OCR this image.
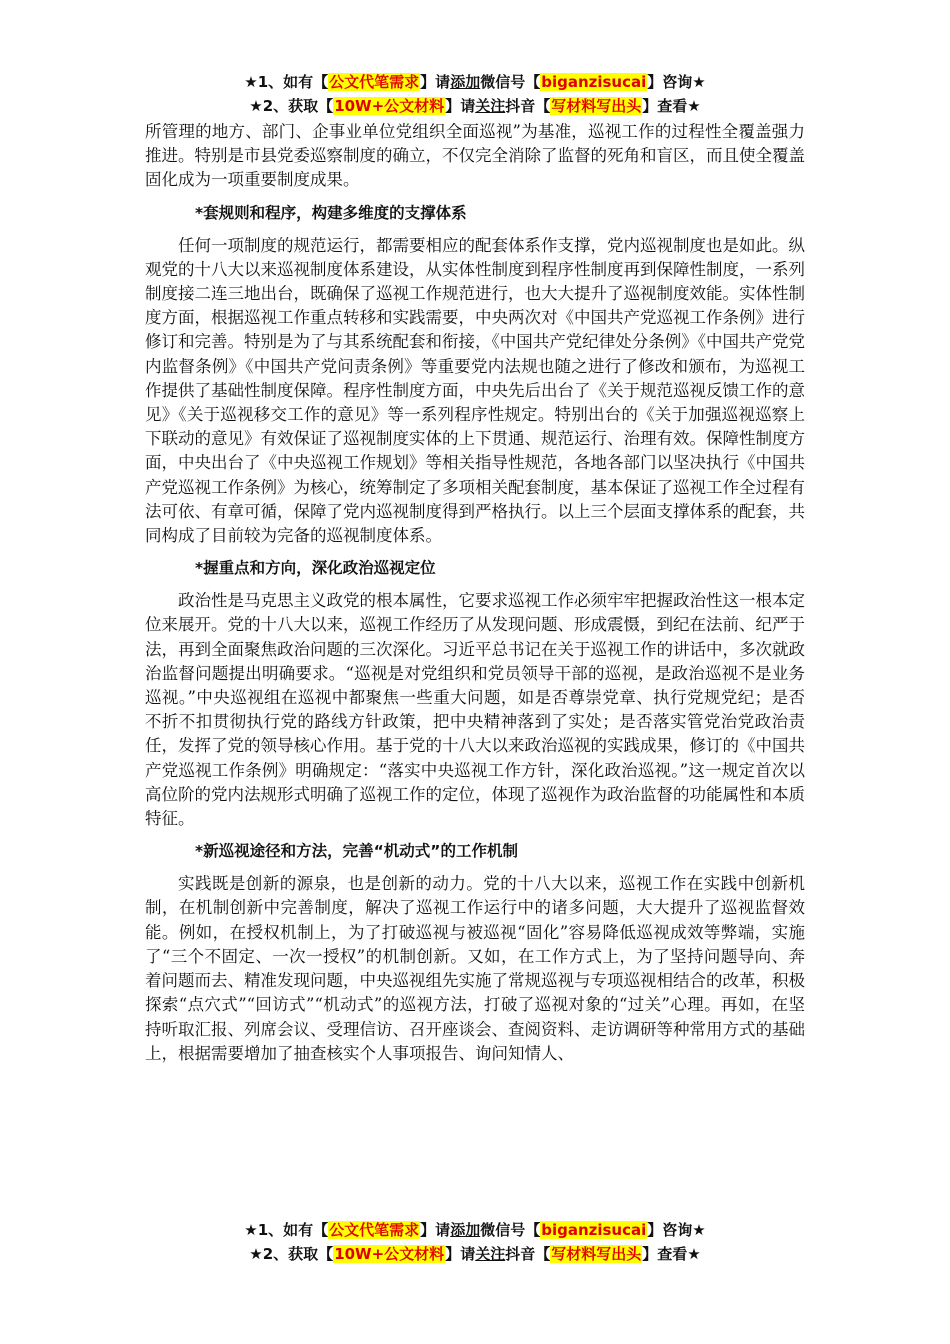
★1、如有【公文代笔需求】请添加微信号【biganzisucai】咨询★
★2、获取【10W+公文材料】请关注抖音【写材料写出头】查看★

所管理的地方、部门、企事业单位党组织全面巡视”为基准，巡视工作的过程性全覆盖强力推进。特别是市县党委巡察制度的确立，不仅完全消除了监督的死角和盲区，而且使全覆盖固化成为一项重要制度成果。

*套规则和程序，构建多维度的支撑体系

任何一项制度的规范运行，都需要相应的配套体系作支撑，党内巡视制度也是如此。纵观党的十八大以来巡视制度体系建设，从实体性制度到程序性制度再到保障性制度，一系列制度接二连三地出台，既确保了巡视工作规范进行，也大大提升了巡视制度效能。实体性制度方面，根据巡视工作重点转移和实践需要，中央两次对《中国共产党巡视工作条例》进行修订和完善。特别是为了与其系统配套和衔接，《中国共产党纪律处分条例》《中国共产党党内监督条例》《中国共产党问责条例》等重要党内法规也随之进行了修改和颁布，为巡视工作提供了基础性制度保障。程序性制度方面，中央先后出台了《关于规范巡视反馈工作的意见》《关于巡视移交工作的意见》等一系列程序性规定。特别出台的《关于加强巡视巡察上下联动的意见》有效保证了巡视制度实体的上下贯通、规范运行、治理有效。保障性制度方面，中央出台了《中央巡视工作规划》等相关指导性规范，各地各部门以坚决执行《中国共产党巡视工作条例》为核心，统筹制定了多项相关配套制度，基本保证了巡视工作全过程有法可依、有章可循，保障了党内巡视制度得到严格执行。以上三个层面支撑体系的配套，共同构成了目前较为完备的巡视制度体系。

*握重点和方向，深化政治巡视定位

政治性是马克思主义政党的根本属性，它要求巡视工作必须牢牢把握政治性这一根本定位来展开。党的十八大以来，巡视工作经历了从发现问题、形成震慑，到纪在法前、纪严于法，再到全面聚焦政治问题的三次深化。习近平总书记在关于巡视工作的讲话中，多次就政治监督问题提出明确要求。“巡视是对党组织和党员领导干部的巡视，是政治巡视不是业务巡视。”中央巡视组在巡视中都聚焦一些重大问题，如是否尊崇党章、执行党规党纪；是否不折不扣贯彻执行党的路线方针政策，把中央精神落到了实处；是否落实管党治党政治责任，发挥了党的领导核心作用。基于党的十八大以来政治巡视的实践成果，修订的《中国共产党巡视工作条例》明确规定：“落实中央巡视工作方针，深化政治巡视。”这一规定首次以高位阶的党内法规形式明确了巡视工作的定位，体现了巡视作为政治监督的功能属性和本质特征。

*新巡视途径和方法，完善“机动式”的工作机制

实践既是创新的源泉，也是创新的动力。党的十八大以来，巡视工作在实践中创新机制，在机制创新中完善制度，解决了巡视工作运行中的诸多问题，大大提升了巡视监督效能。例如，在授权机制上，为了打破巡视与被巡视“固化”容易降低巡视成效等弊端，实施了“三个不固定、一次一授权”的机制创新。又如，在工作方式上，为了坚持问题导向、奔着问题而去、精准发现问题，中央巡视组先实施了常规巡视与专项巡视相结合的改革，积极探索“点穴式”“回访式”“机动式”的巡视方法，打破了巡视对象的“过关”心理。再如，在坚持听取汇报、列席会议、受理信访、召开座谈会、查阅资料、走访调研等种常用方式的基础上，根据需要增加了抽查核实个人事项报告、询问知情人、

★1、如有【公文代笔需求】请添加微信号【biganzisucai】咨询★
★2、获取【10W+公文材料】请关注抖音【写材料写出头】查看★
